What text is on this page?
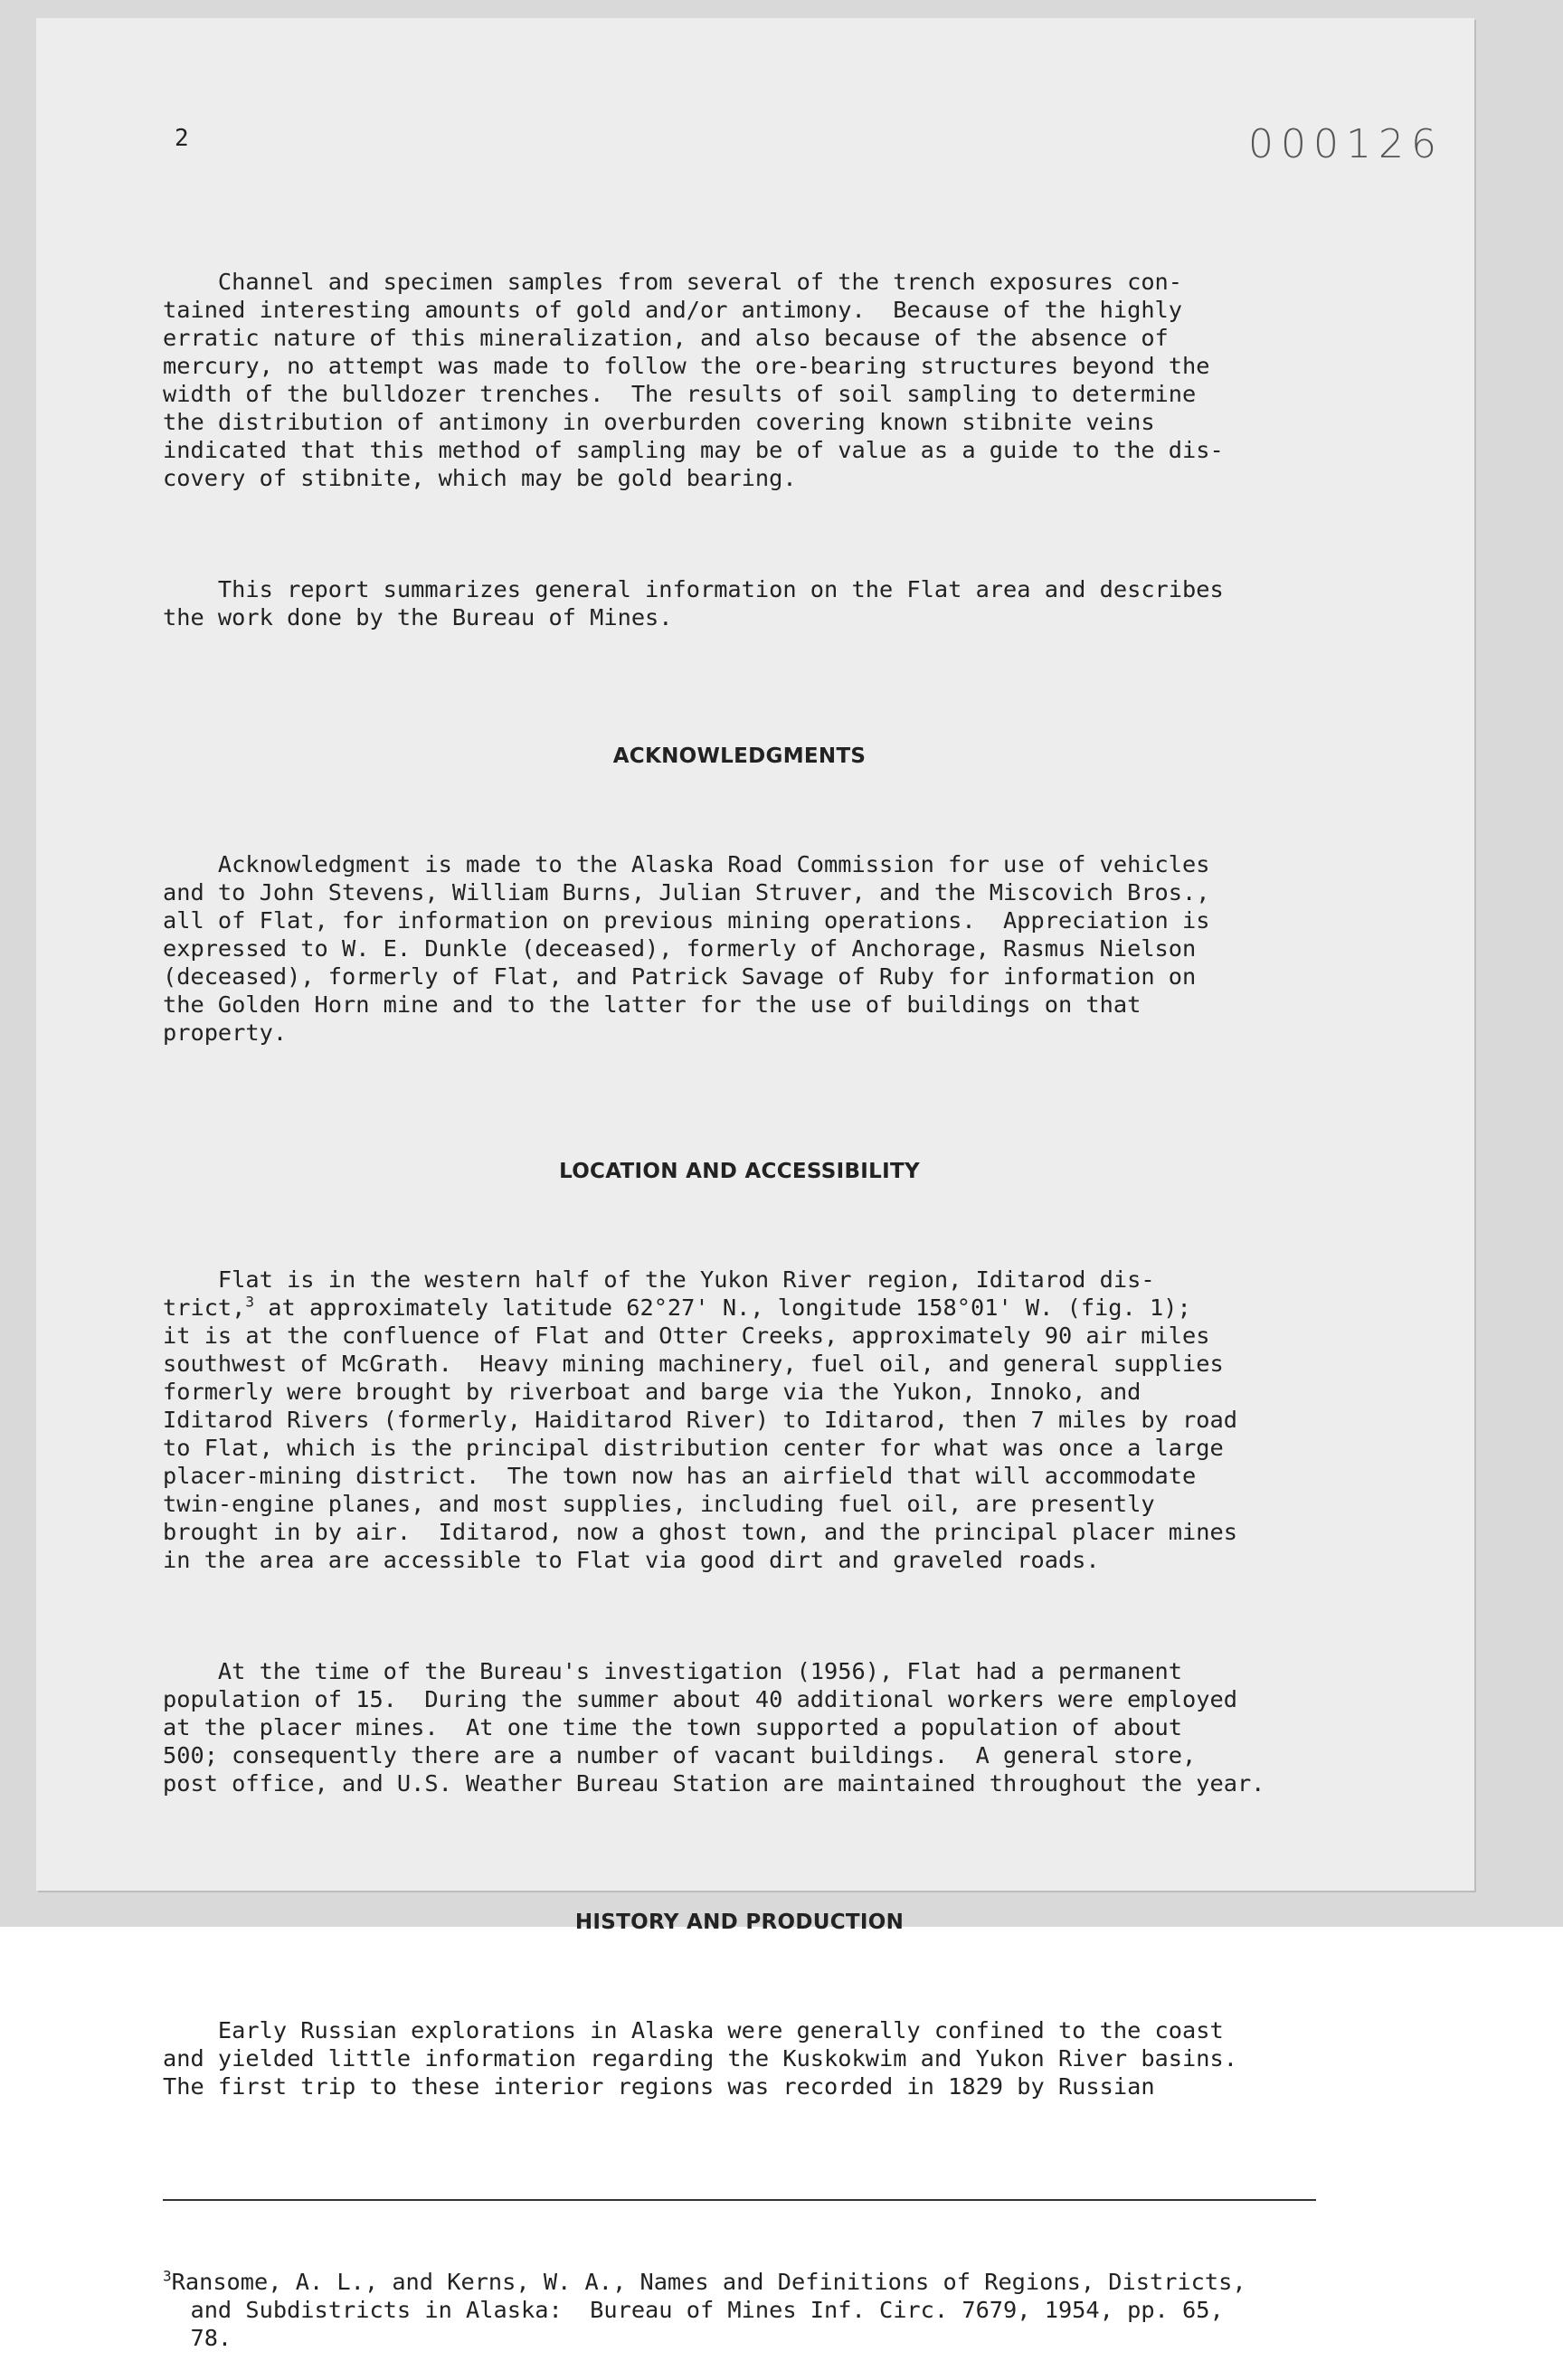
2	000126

Channel and specimen samples from several of the trench exposures con-
tained interesting amounts of gold and/or antimony.  Because of the highly
erratic nature of this mineralization, and also because of the absence of
mercury, no attempt was made to follow the ore-bearing structures beyond the
width of the bulldozer trenches.  The results of soil sampling to determine
the distribution of antimony in overburden covering known stibnite veins
indicated that this method of sampling may be of value as a guide to the dis-
covery of stibnite, which may be gold bearing.

This report summarizes general information on the Flat area and describes
the work done by the Bureau of Mines.

ACKNOWLEDGMENTS

Acknowledgment is made to the Alaska Road Commission for use of vehicles
and to John Stevens, William Burns, Julian Struver, and the Miscovich Bros.,
all of Flat, for information on previous mining operations.  Appreciation is
expressed to W. E. Dunkle (deceased), formerly of Anchorage, Rasmus Nielson
(deceased), formerly of Flat, and Patrick Savage of Ruby for information on
the Golden Horn mine and to the latter for the use of buildings on that
property.

LOCATION AND ACCESSIBILITY

Flat is in the western half of the Yukon River region, Iditarod dis-
trict,$^3$ at approximately latitude 62°27' N., longitude 158°01' W. (fig. 1);
it is at the confluence of Flat and Otter Creeks, approximately 90 air miles
southwest of McGrath.  Heavy mining machinery, fuel oil, and general supplies
formerly were brought by riverboat and barge via the Yukon, Innoko, and
Iditarod Rivers (formerly, Haiditarod River) to Iditarod, then 7 miles by road
to Flat, which is the principal distribution center for what was once a large
placer-mining district.  The town now has an airfield that will accommodate
twin-engine planes, and most supplies, including fuel oil, are presently
brought in by air.  Iditarod, now a ghost town, and the principal placer mines
in the area are accessible to Flat via good dirt and graveled roads.

At the time of the Bureau's investigation (1956), Flat had a permanent
population of 15.  During the summer about 40 additional workers were employed
at the placer mines.  At one time the town supported a population of about
500; consequently there are a number of vacant buildings.  A general store,
post office, and U.S. Weather Bureau Station are maintained throughout the year.

HISTORY AND PRODUCTION

Early Russian explorations in Alaska were generally confined to the coast
and yielded little information regarding the Kuskokwim and Yukon River basins.
The first trip to these interior regions was recorded in 1829 by Russian

$^3$Ransome, A. L., and Kerns, W. A., Names and Definitions of Regions, Districts,
and Subdistricts in Alaska:  Bureau of Mines Inf. Circ. 7679, 1954, pp. 65,
78.
